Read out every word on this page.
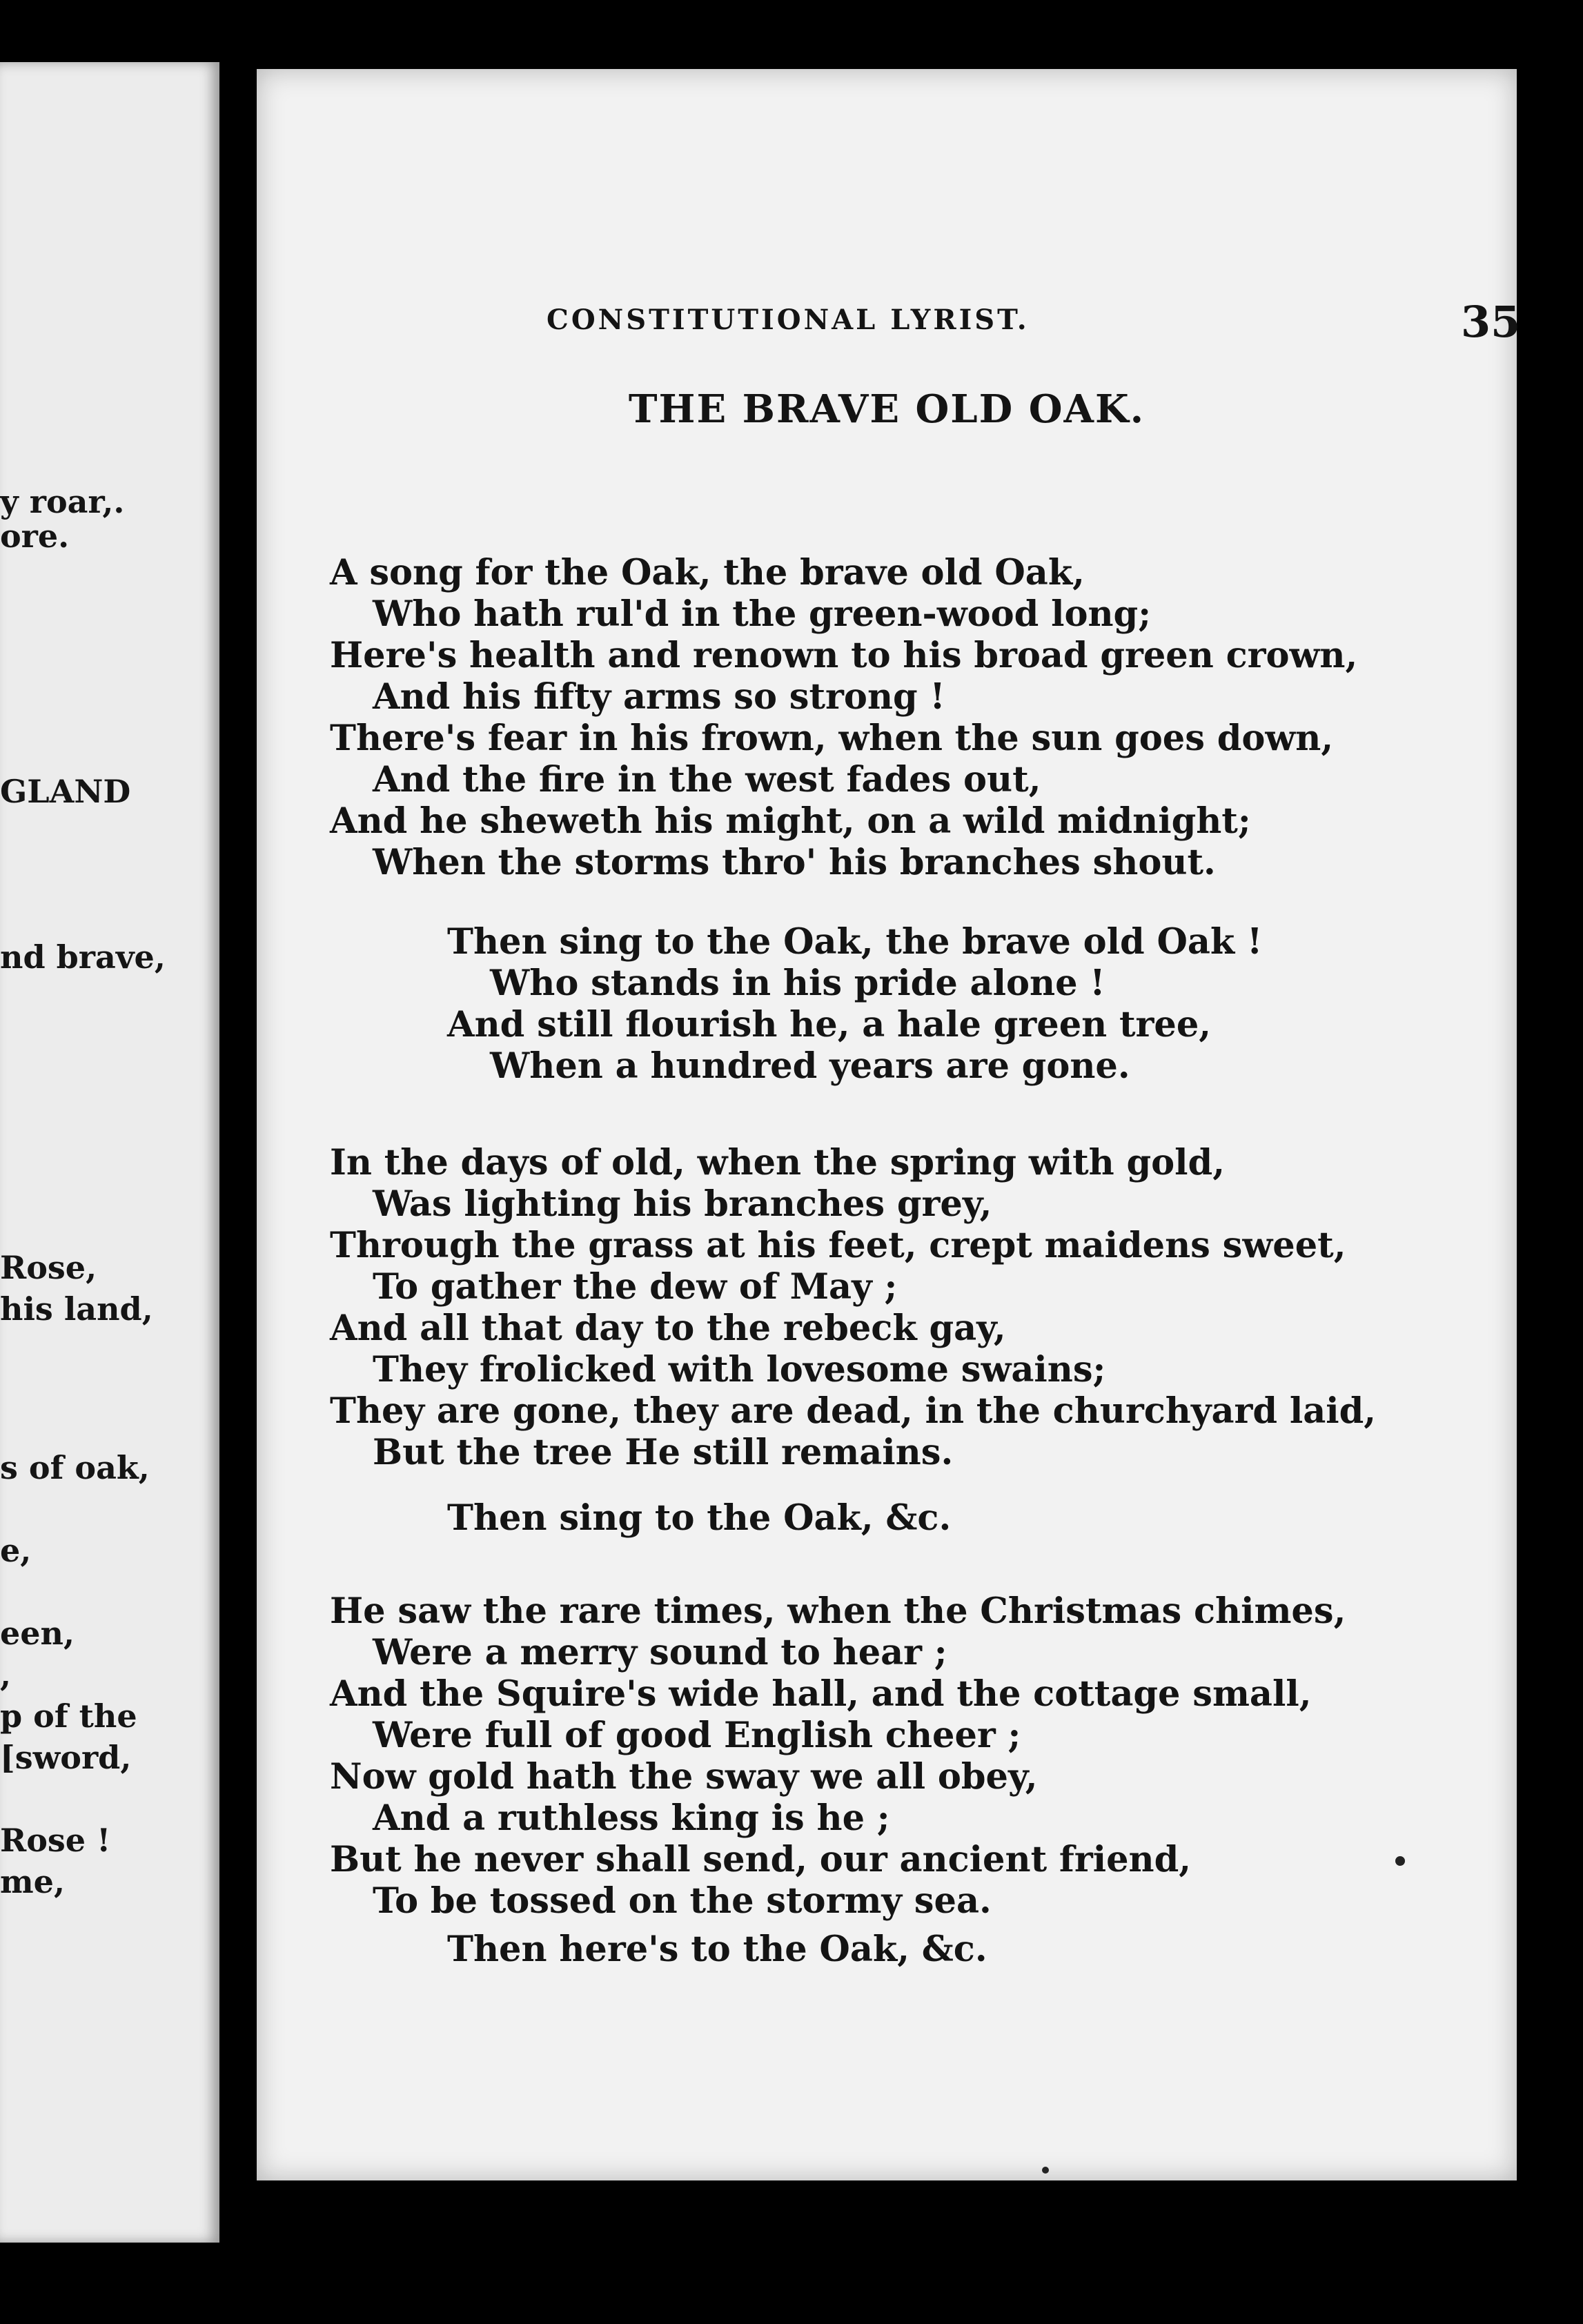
y roar,.
ore.
GLAND
nd brave,
Rose,
his land,
s of oak,
e,
een,
,
p of the
[sword,
Rose !
me,
CONSTITUTIONAL LYRIST.	35
THE BRAVE OLD OAK.
A song for the Oak, the brave old Oak,
Who hath rul'd in the green-wood long;
Here's health and renown to his broad green crown,
And his fifty arms so strong !
There's fear in his frown, when the sun goes down,
And the fire in the west fades out,
And he sheweth his might, on a wild midnight;
When the storms thro' his branches shout.
Then sing to the Oak, the brave old Oak !
Who stands in his pride alone !
And still flourish he, a hale green tree,
When a hundred years are gone.
In the days of old, when the spring with gold,
Was lighting his branches grey,
Through the grass at his feet, crept maidens sweet,
To gather the dew of May ;
And all that day to the rebeck gay,
They frolicked with lovesome swains;
They are gone, they are dead, in the churchyard laid,
But the tree He still remains.
Then sing to the Oak, &c.
He saw the rare times, when the Christmas chimes,
Were a merry sound to hear ;
And the Squire's wide hall, and the cottage small,
Were full of good English cheer ;
Now gold hath the sway we all obey,
And a ruthless king is he ;
But he never shall send, our ancient friend,
To be tossed on the stormy sea.
Then here's to the Oak, &c.
